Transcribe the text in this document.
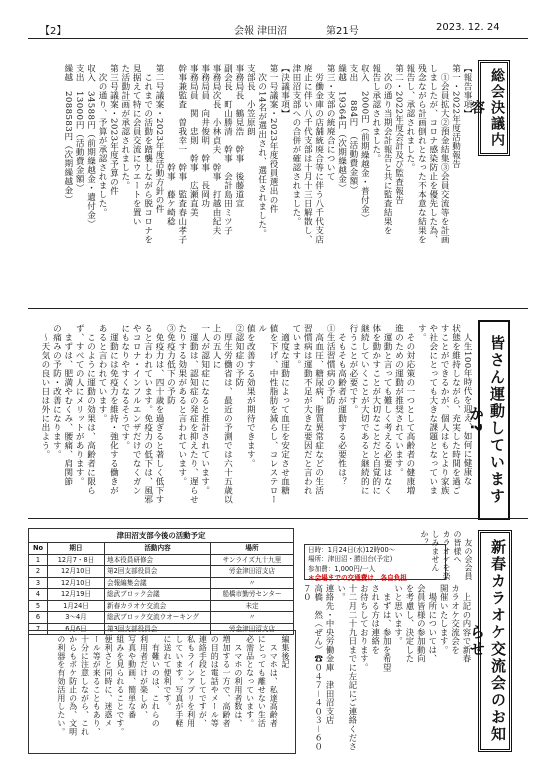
【2】	会報 津田沼	第21号	2023. 12. 24
総会決議内容
【報告事項】
第一・2022年度活動報告
　①会員拡大②預金結集③会員交流等を計画
しましたが、コロナ感染防止を優先した為、
残念ながら計画倒れとなった不本意な結果を
報告し、承認されました。
第二・2022年度会計及び監査報告
　次の通り当期会計報告と共に監査結果を
報告し承認されました。
収入　2000円（前期繰越金・普付金）
支出　　884円　（活動費金額）
繰越　19364円（次期繰越金）
第三・支部の統廃合について
　労働金庫の店舗統廃合等に伴う八千代支店
廃止に伴い八千代支部は十月十三日解散し、
津田沼支部への合併が確認されました。
【決議事項】
第一号議案・2023年度役員選出の件
　次の14名が選出され、選任されました。
支部長　小笠原朗
事務局長　鶴見浩　幹事　後藤道宣
副会長　町山勝清　幹事　会計島田ミツ子
事務局次長　小林貞夫　幹事　打越由紀夫
事務局員　向井俊明　幹事　長岡功
事務局員　関　忠則　幹事　広瀬直美
幹事兼監査　曽我幸一　幹事　監査春山孝子
　　　　　　　　　　　幹事　藤ケ崎稔
第二号議案・2023年度活動方針の件
　これまでの活動を踏襲しながら脱コロナを
見据えて特に会員交流にウエートを置い
た活動計画が承認されました。
第三号議案・2023年度予算の件
　次の通り、予算が承認されました。
収入　34588円（前期繰越金・遺付金）
支出　13000円（活動費金額）
繰越　2088583円（次期繰越金）
皆さん運動していますか?
　人生100年時代を迎え、如何に健康な
状態を維持しながら、充実した時間を過ご
すことができるかが、個人はもとより家族
や社会にとっても大きな課題となっています。
　その対応策の一つとして高齢者の健康増
進のための運動が推奨されています。
　運動と言っても難しく考える必要はなく
体を動かすことが大切なことだと自覚的に
継続していくことが大切であると継続的に
行うことが必要です。
　そもそも高齢者が運動する必要性は？
①生活習慣病の予防
　高血圧、糖尿病、脂質異常症などの生活
習慣病は運動不足が大きな要因だと言われ
ています。
　適度な運動によって血圧を安定させ血糖
値を下げ、中性脂肪を減らし、コレステロール
値を改善する効果が期待できます。
②認知症の予防
　厚生労働省は、最近の予測では六十五歳以上の五人に
一人が認知症になると推計されています。
　運動は、認知症の発症を抑えたり、遅らせ
たりする効果があると言われています。
③免疫力低下の予防
　免疫力は、四十歳を過ぎると著しく低下す
ると言われています。免疫力の低下は、風邪
やコロナ・インフルエンザだけでなくガン
にもなりやすくなるそうです。
　運動には免疫力を維持・強化する働きが
あると言われています。
　このように運動の効果は、高齢者に限ら
ず、すべての人にメリットがあります。
　まずは、肥満やむくみ、腰痛、肩関節
の痛みの予防・改善になります。
　～天気の良い日は外に出よう。
津田沼支部今後の活動予定
No	期日	活動内容	場所
1	12月7・8日	地本役員研修会	サンライズ九十九里
2	12月10日	第2回支部役員会	労金津田沼支店
3	12月10日	会報編集会議	〃
4	12月19日	総武ブロック会議	船橋市勤労センター
5	1月24日	新春カラオケ交流会	未定
6	3〜4月	総武ブロック交流ウオーキング	〃
7	6月6日	第3回支部役員会	労金津田沼支店
編集後記
　スマホは、私達高齢者
にとっても離せない生活
必需品となっています。
　スマホの利用者数は、
増加する一方で、高齢者
の目的は電話やメール等
連絡手段としてですが、
私もラインアプリを利用
しています。写真が手軽
に送れて便利です。
　有難いのは、これらの
利用者だけが楽しめ、
写真や動画、簡単な番
組みを見られることです。
便利さと同時に、迷惑メ
ール等が来ることもあり、
十分に注意しながら、これ
からもボケ防止の為、文明
の利器を有効活用したい。	新春カラオケ交流会のお知らせ
日時：1月24日(水)12時00〜
場所：津田沼・勝田台(予定)
参加費：1,000円/一人
＊会場までの交通費は、各自負担
　上記の内容で新春
カラオケ交流会を
開催いたします。
　場所については、
会員皆様の参加動向
を考慮し、決定した
いと思います。
　まずは、参加を希望
される方は連絡を
お待ちしております。
十二月二十九日までに左記にご連絡ください。
連絡先・中央労働金庫　津田沼支店
高橋　然（ぜん）☎０４７－４０３－６０７０
　友の会会員の皆様へ
カラオケを楽しみませんか？
